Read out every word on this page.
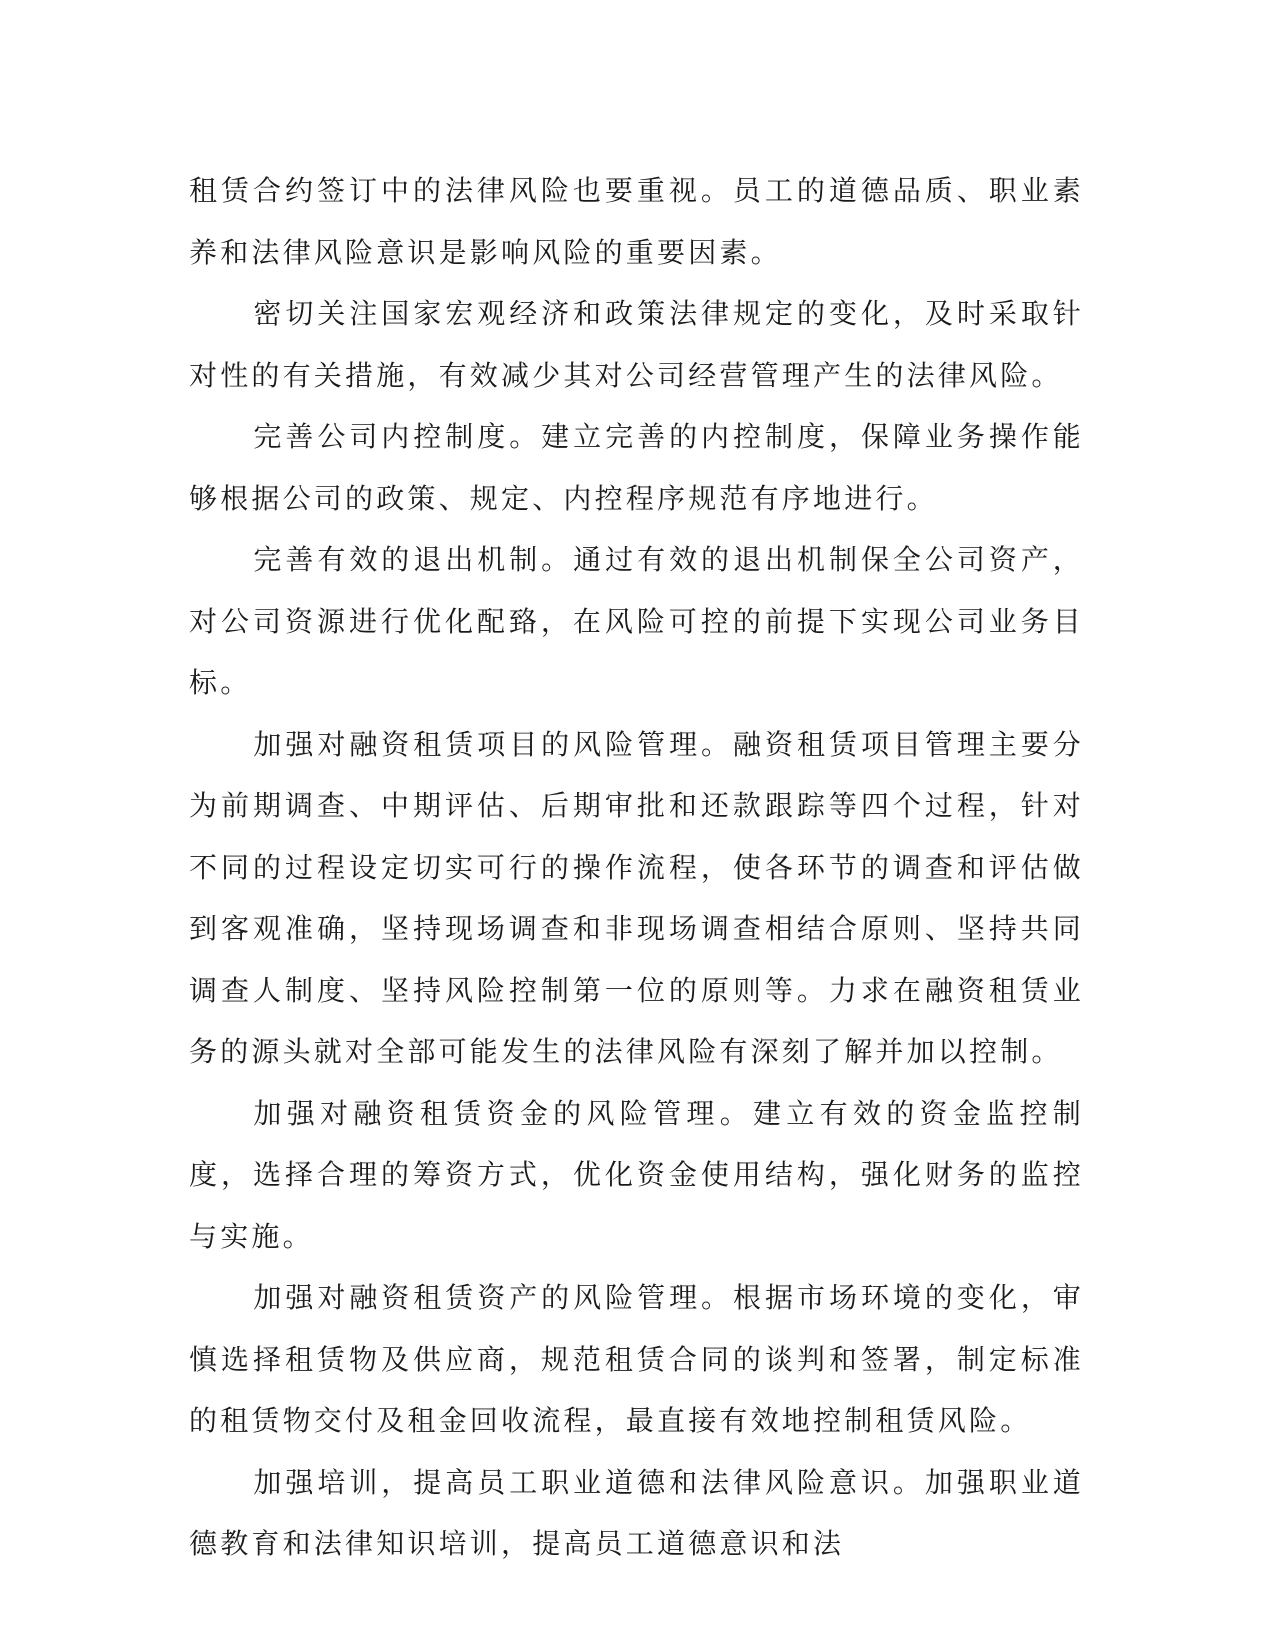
租赁合约签订中的法律风险也要重视。员工的道德品质、职业素养和法律风险意识是影响风险的重要因素。

密切关注国家宏观经济和政策法律规定的变化，及时采取针对性的有关措施，有效减少其对公司经营管理产生的法律风险。

完善公司内控制度。建立完善的内控制度，保障业务操作能够根据公司的政策、规定、内控程序规范有序地进行。

完善有效的退出机制。通过有效的退出机制保全公司资产，对公司资源进行优化配臵，在风险可控的前提下实现公司业务目标。

加强对融资租赁项目的风险管理。融资租赁项目管理主要分为前期调查、中期评估、后期审批和还款跟踪等四个过程，针对不同的过程设定切实可行的操作流程，使各环节的调查和评估做到客观准确，坚持现场调查和非现场调查相结合原则、坚持共同调查人制度、坚持风险控制第一位的原则等。力求在融资租赁业务的源头就对全部可能发生的法律风险有深刻了解并加以控制。

加强对融资租赁资金的风险管理。建立有效的资金监控制度，选择合理的筹资方式，优化资金使用结构，强化财务的监控与实施。

加强对融资租赁资产的风险管理。根据市场环境的变化，审慎选择租赁物及供应商，规范租赁合同的谈判和签署，制定标准的租赁物交付及租金回收流程，最直接有效地控制租赁风险。

加强培训，提高员工职业道德和法律风险意识。加强职业道德教育和法律知识培训，提高员工道德意识和法
